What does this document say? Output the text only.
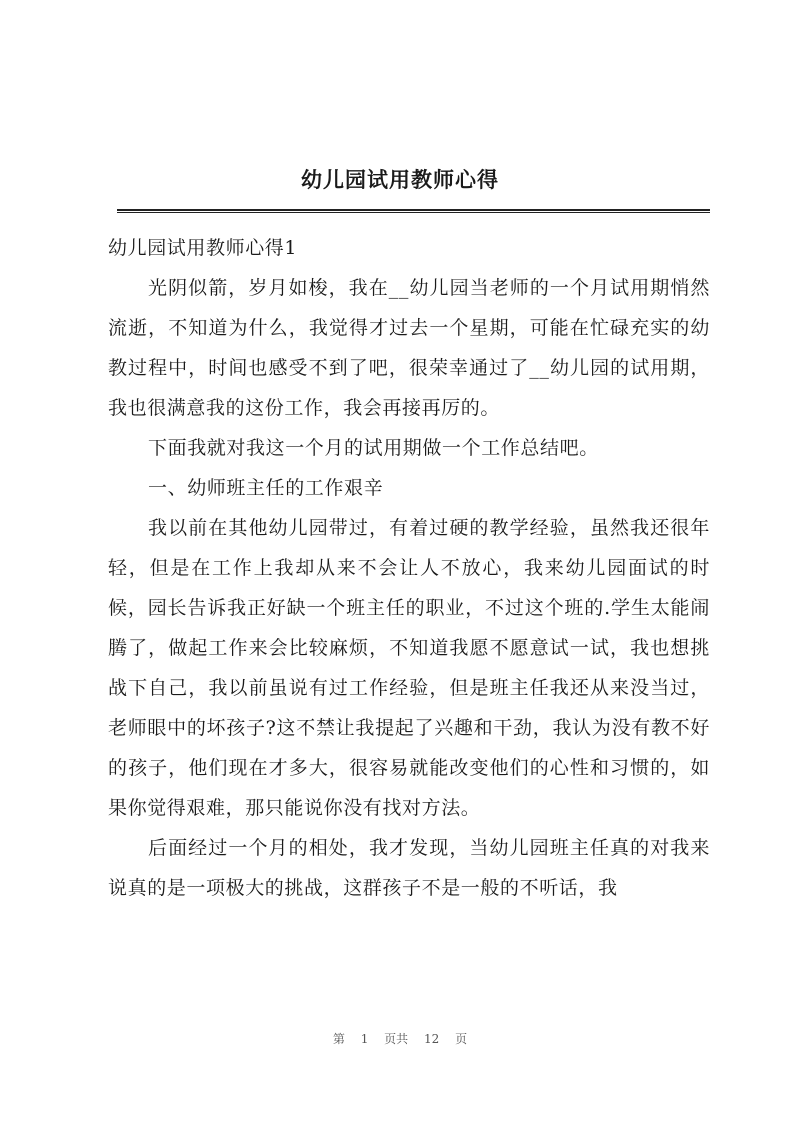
幼儿园试用教师心得

幼儿园试用教师心得1

光阴似箭，岁月如梭，我在__幼儿园当老师的一个月试用期悄然流逝，不知道为什么，我觉得才过去一个星期，可能在忙碌充实的幼教过程中，时间也感受不到了吧，很荣幸通过了__幼儿园的试用期，我也很满意我的这份工作，我会再接再厉的。

下面我就对我这一个月的试用期做一个工作总结吧。

一、幼师班主任的工作艰辛

我以前在其他幼儿园带过，有着过硬的教学经验，虽然我还很年轻，但是在工作上我却从来不会让人不放心，我来幼儿园面试的时候，园长告诉我正好缺一个班主任的职业，不过这个班的.学生太能闹腾了，做起工作来会比较麻烦，不知道我愿不愿意试一试，我也想挑战下自己，我以前虽说有过工作经验，但是班主任我还从来没当过，老师眼中的坏孩子?这不禁让我提起了兴趣和干劲，我认为没有教不好的孩子，他们现在才多大，很容易就能改变他们的心性和习惯的，如果你觉得艰难，那只能说你没有找对方法。

后面经过一个月的相处，我才发现，当幼儿园班主任真的对我来说真的是一项极大的挑战，这群孩子不是一般的不听话，我

第 1 页共 12 页
